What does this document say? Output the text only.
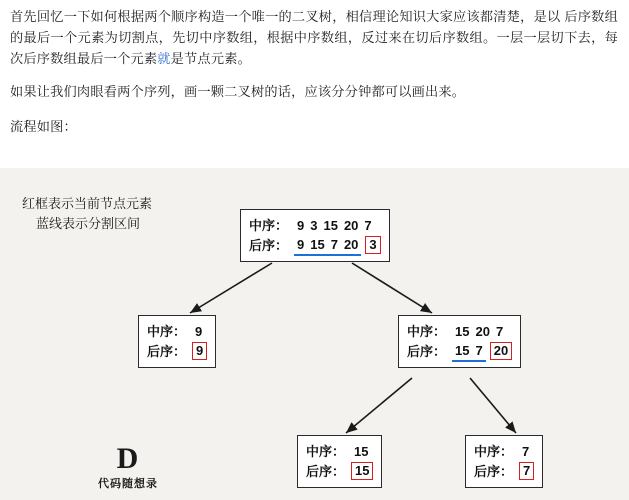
首先回忆一下如何根据两个顺序构造一个唯一的二叉树，相信理论知识大家应该都清楚，是以 后序数组的最后一个元素为切割点，先切中序数组，根据中序数组，反过来在切后序数组。一层一层切下去，每次后序数组最后一个元素就是节点元素。

如果让我们肉眼看两个序列，画一颗二叉树的话，应该分分钟都可以画出来。

流程如图：

红框表示当前节点元素
蓝线表示分割区间	中序： 9 3 15 20 7
后序： 9 15 7 20 3
中序： 9
后序： 9
中序： 15 20 7
后序： 15 7 20
中序： 15
后序： 15
中序： 7
后序： 7
D
代码随想录
